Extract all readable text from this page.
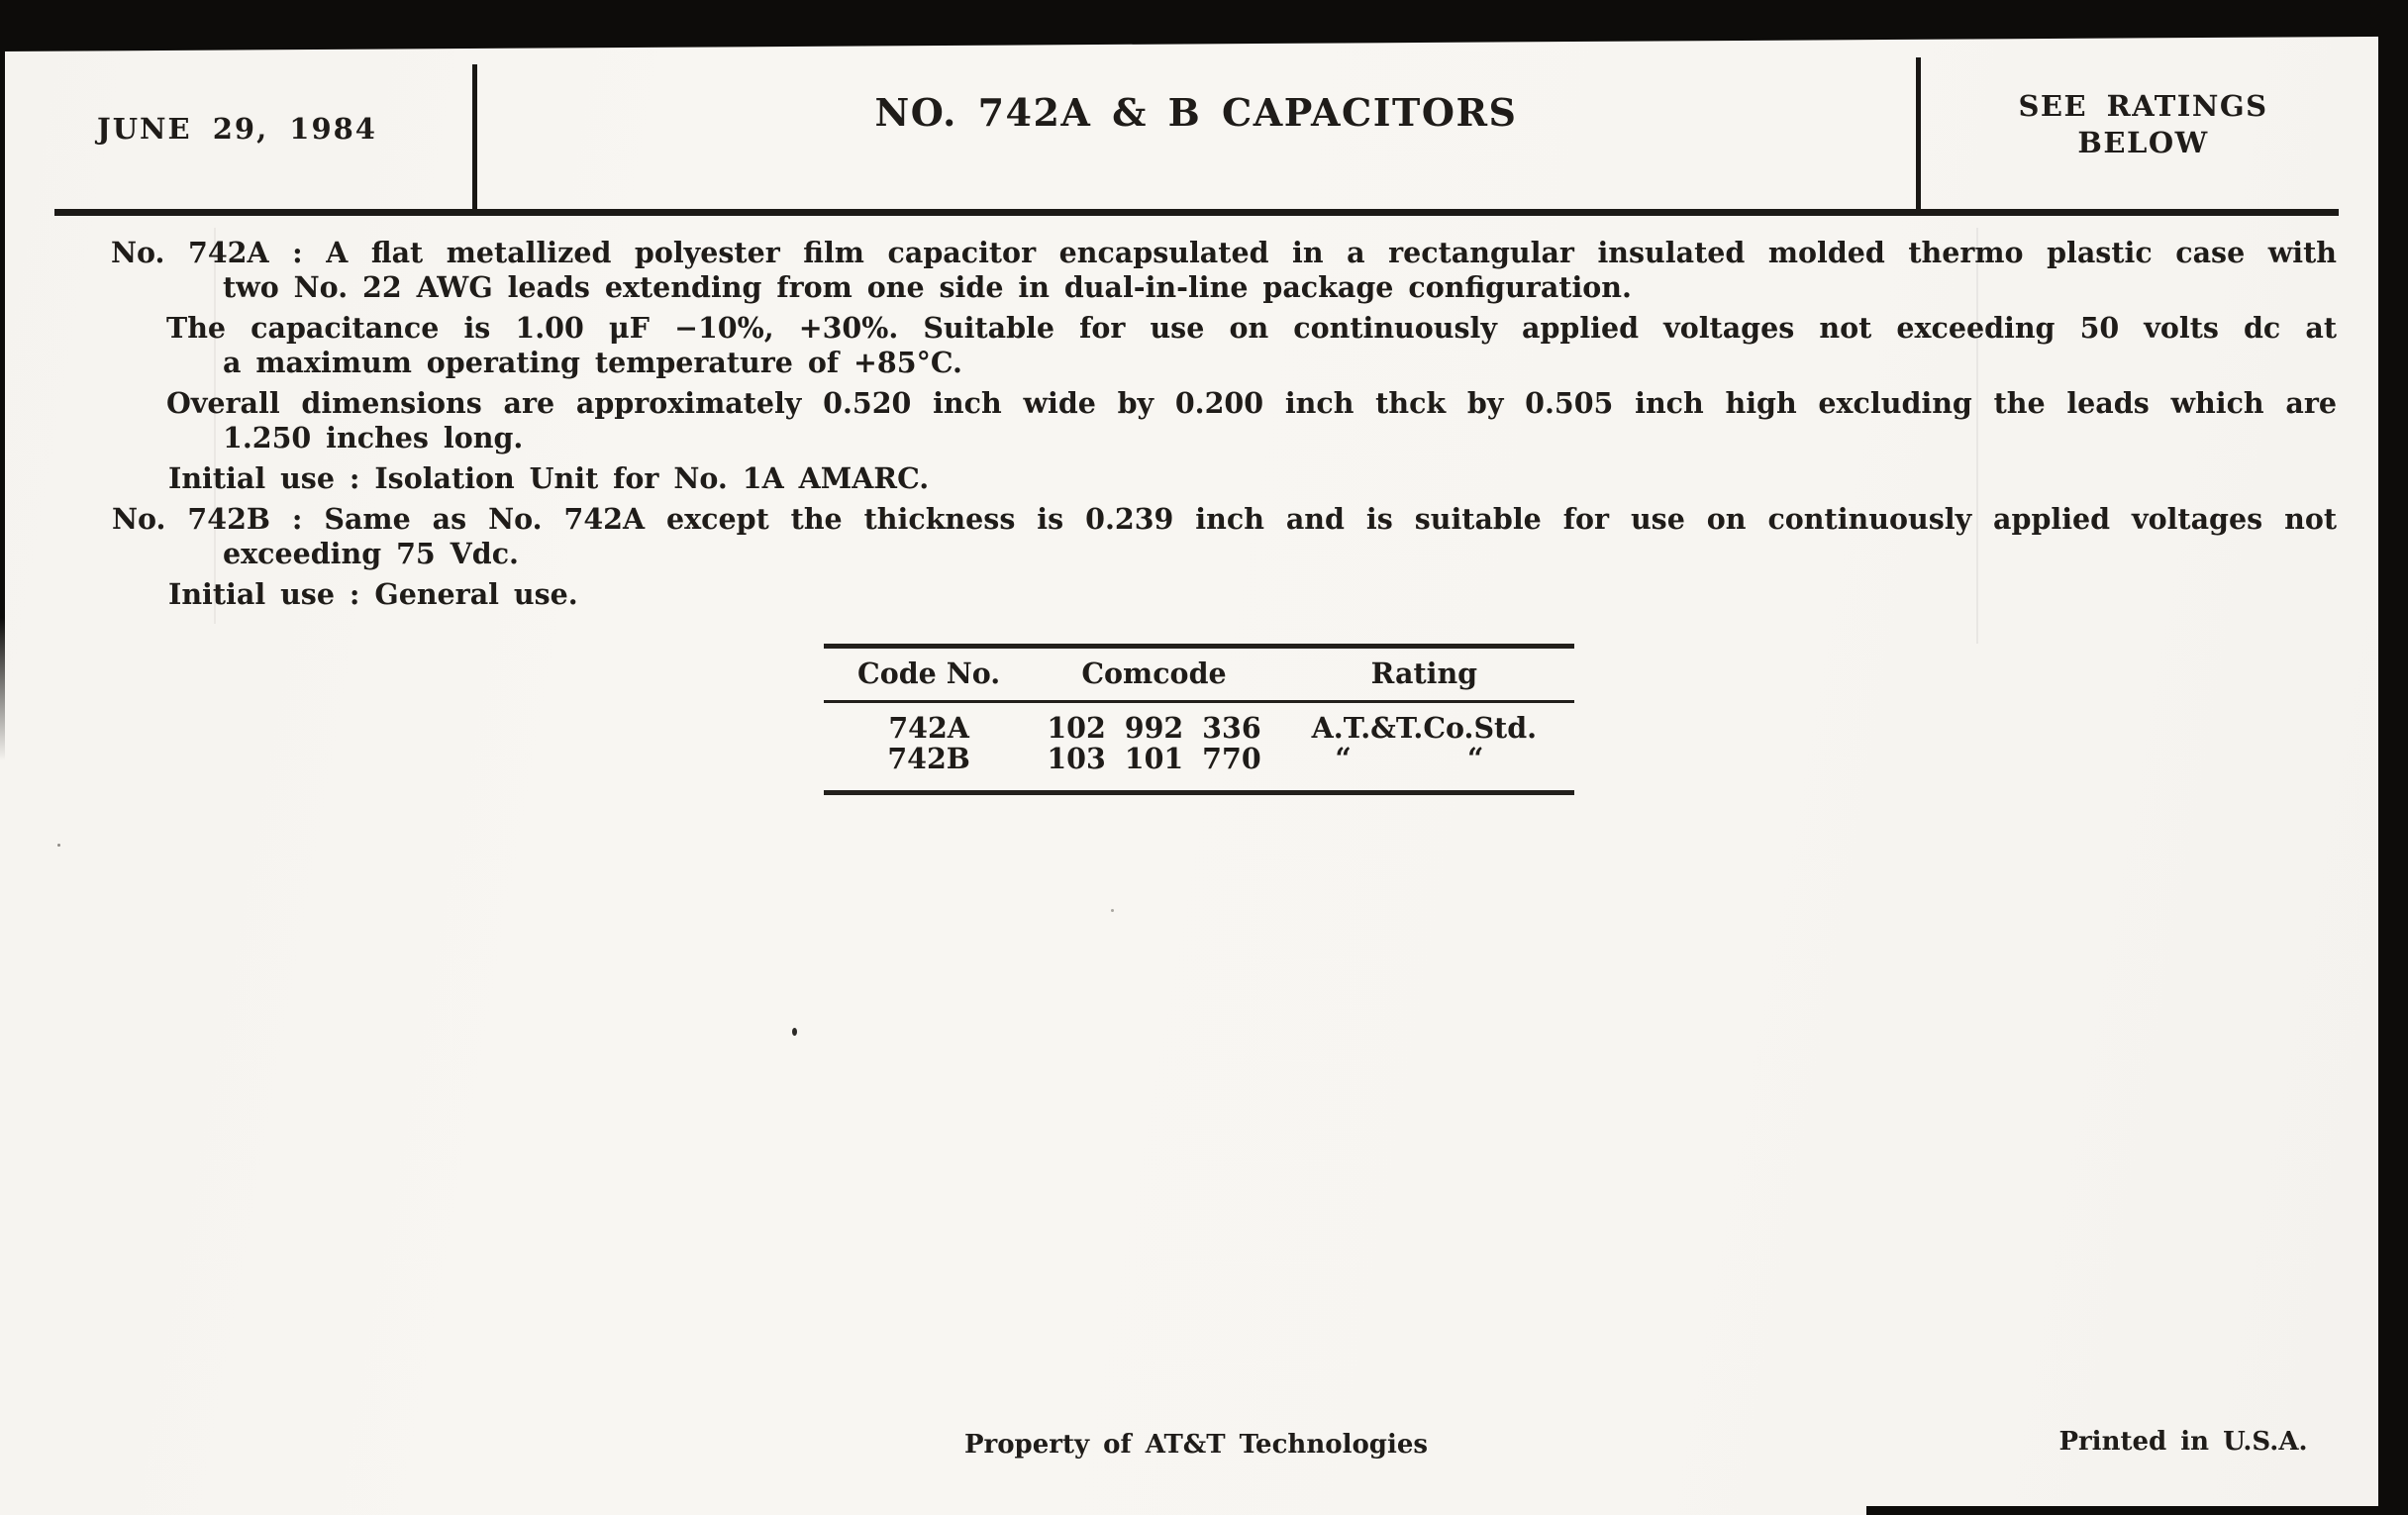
JUNE 29, 1984	NO. 742A & B CAPACITORS	SEE RATINGS
BELOW
No. 742A : A flat metallized polyester film capacitor encapsulated in a rectangular insulated molded thermo plastic case with
two No. 22 AWG leads extending from one side in dual-in-line package configuration.
The capacitance is 1.00 μF −10%, +30%. Suitable for use on continuously applied voltages not exceeding 50 volts dc at
a maximum operating temperature of +85°C.
Overall dimensions are approximately 0.520 inch wide by 0.200 inch thck by 0.505 inch high excluding the leads which are
1.250 inches long.
Initial use : Isolation Unit for No. 1A AMARC.
No. 742B : Same as No. 742A except the thickness is 0.239 inch and is suitable for use on continuously applied voltages not
exceeding 75 Vdc.
Initial use : General use.
Code No.	Comcode	Rating
742A	102 992 336	A.T.&T.Co.Std.
742B	103 101 770	“	“
Property of AT&T Technologies	Printed in U.S.A.
